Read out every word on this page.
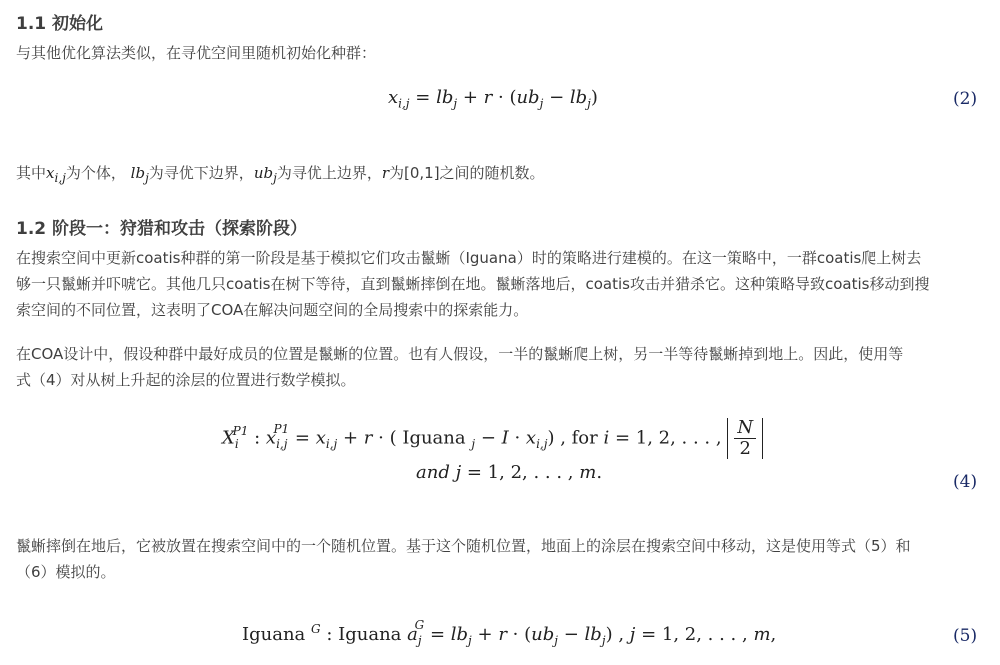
1.1 初始化

与其他优化算法类似，在寻优空间里随机初始化种群：

$x_{i,j} = lb_j + r \cdot (ub_j - lb_j)$	(2)

其中$x_{i,j}$为个体， $lb_j$为寻优下边界，$ub_j$为寻优上边界，r为[0,1]之间的随机数。

1.2 阶段一：狩猎和攻击（探索阶段）

在搜索空间中更新coatis种群的第一阶段是基于模拟它们攻击鬣蜥（Iguana）时的策略进行建模的。在这一策略中，一群coatis爬上树去

够一只鬣蜥并吓唬它。其他几只coatis在树下等待，直到鬣蜥摔倒在地。鬣蜥落地后，coatis攻击并猎杀它。这种策略导致coatis移动到搜

索空间的不同位置，这表明了COA在解决问题空间的全局搜索中的探索能力。

在COA设计中，假设种群中最好成员的位置是鬣蜥的位置。也有人假设，一半的鬣蜥爬上树，另一半等待鬣蜥掉到地上。因此，使用等

式（4）对从树上升起的涂层的位置进行数学模拟。

$X_i^{P1}$ : $x_{i,j}^{P1} = x_{i,j} + r$ · ( Iguana $_j - I \cdot x_{i,j}$) , for i = 1, 2, . . . , $\frac{N}{2}$
and j = 1, 2, . . . , m.	(4)

鬣蜥摔倒在地后，它被放置在搜索空间中的一个随机位置。基于这个随机位置，地面上的涂层在搜索空间中移动，这是使用等式（5）和

（6）模拟的。

Iguana $^G$ : Iguana $a_j^G = lb_j + r \cdot (ub_j - lb_j)$ , j = 1, 2, . . . , m,	(5)
